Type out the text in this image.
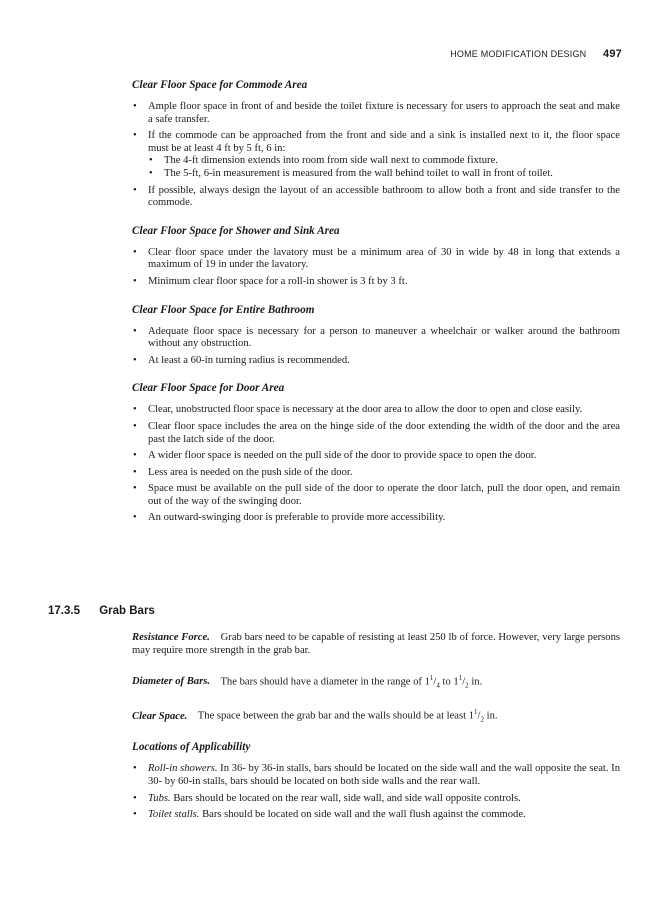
HOME MODIFICATION DESIGN 497
Clear Floor Space for Commode Area
• Ample floor space in front of and beside the toilet fixture is necessary for users to approach the seat and make a safe transfer.
• If the commode can be approached from the front and side and a sink is installed next to it, the floor space must be at least 4 ft by 5 ft, 6 in:
• The 4-ft dimension extends into room from side wall next to commode fixture.
• The 5-ft, 6-in measurement is measured from the wall behind toilet to wall in front of toilet.
• If possible, always design the layout of an accessible bathroom to allow both a front and side transfer to the commode.
Clear Floor Space for Shower and Sink Area
• Clear floor space under the lavatory must be a minimum area of 30 in wide by 48 in long that extends a maximum of 19 in under the lavatory.
• Minimum clear floor space for a roll-in shower is 3 ft by 3 ft.
Clear Floor Space for Entire Bathroom
• Adequate floor space is necessary for a person to maneuver a wheelchair or walker around the bathroom without any obstruction.
• At least a 60-in turning radius is recommended.
Clear Floor Space for Door Area
• Clear, unobstructed floor space is necessary at the door area to allow the door to open and close easily.
• Clear floor space includes the area on the hinge side of the door extending the width of the door and the area past the latch side of the door.
• A wider floor space is needed on the pull side of the door to provide space to open the door.
• Less area is needed on the push side of the door.
• Space must be available on the pull side of the door to operate the door latch, pull the door open, and remain out of the way of the swinging door.
• An outward-swinging door is preferable to provide more accessibility.
17.3.5 Grab Bars

Resistance Force. Grab bars need to be capable of resisting at least 250 lb of force. However, very large persons may require more strength in the grab bar.

Diameter of Bars. The bars should have a diameter in the range of $1^1/_4$ to $1^1/_2$ in.

Clear Space. The space between the grab bar and the walls should be at least $1^1/_2$ in.

Locations of Applicability
• Roll-in showers. In 36- by 36-in stalls, bars should be located on the side wall and the wall opposite the seat. In 30- by 60-in stalls, bars should be located on both side walls and the rear wall.
• Tubs. Bars should be located on the rear wall, side wall, and side wall opposite controls.
• Toilet stalls. Bars should be located on side wall and the wall flush against the commode.
